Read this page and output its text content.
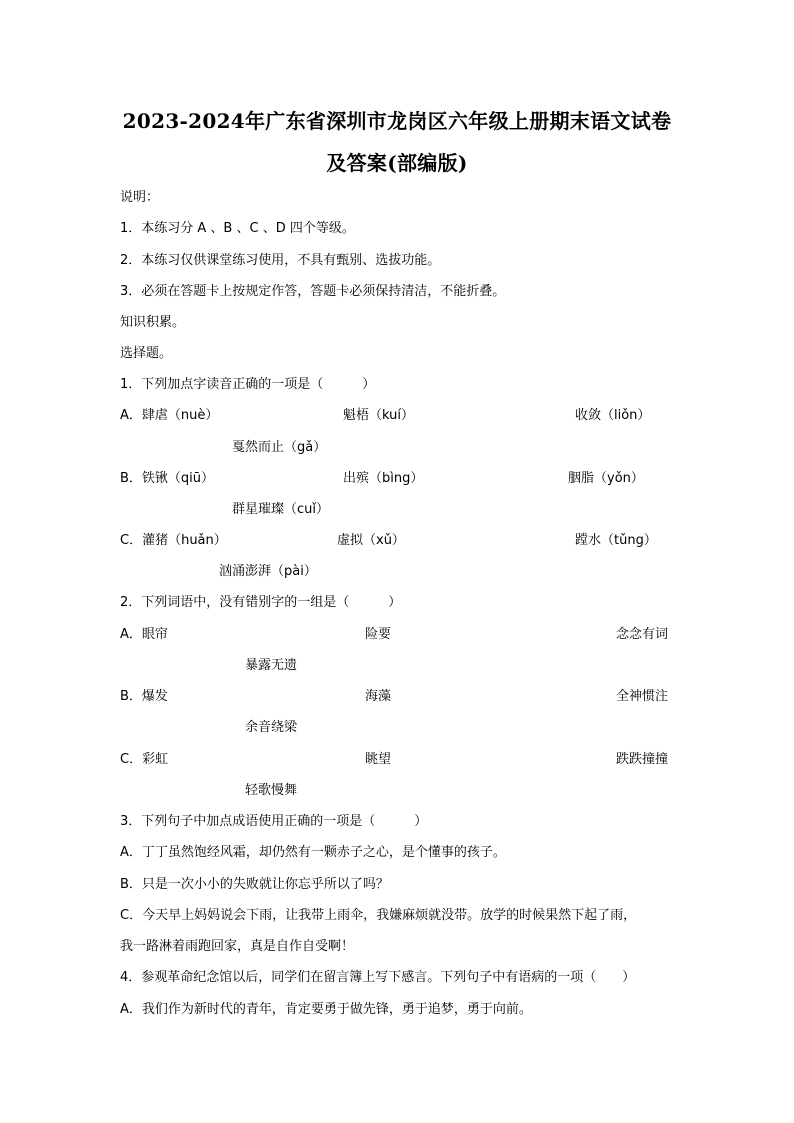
2023-2024年广东省深圳市龙岗区六年级上册期末语文试卷
及答案(部编版)
说明：
1．本练习分 A 、B 、C 、D 四个等级。
2．本练习仅供课堂练习使用，不具有甄别、选拔功能。
3．必须在答题卡上按规定作答，答题卡必须保持清洁，不能折叠。
知识积累。
选择题。
1．下列加点字读音正确的一项是（　　　）
A．肆虐（nuè）	魁梧（kuí）	收敛（liǒn）
戛然而止（gǎ）
B．铁锹（qiū）	出殡（bìng）	胭脂（yǒn）
群星璀璨（cuǐ）
C．灌猪（huǎn）	虚拟（xǔ）	蹚水（tǔng）
汹涌澎湃（pài）
2．下列词语中，没有错别字的一组是（　　　）
A．眼帘	险要	念念有词
暴露无遗
B．爆发	海藻	全神惯注
余音绕梁
C．彩虹	眺望	跌跌撞撞
轻歌慢舞
3．下列句子中加点成语使用正确的一项是（　　　）
A．丁丁虽然饱经风霜，却仍然有一颗赤子之心，是个懂事的孩子。
B．只是一次小小的失败就让你忘乎所以了吗？
C．今天早上妈妈说会下雨，让我带上雨伞，我嫌麻烦就没带。放学的时候果然下起了雨，
我一路淋着雨跑回家，真是自作自受啊！
4．参观革命纪念馆以后，同学们在留言簿上写下感言。下列句子中有语病的一项（　　）
A．我们作为新时代的青年，肯定要勇于做先锋，勇于追梦，勇于向前。
